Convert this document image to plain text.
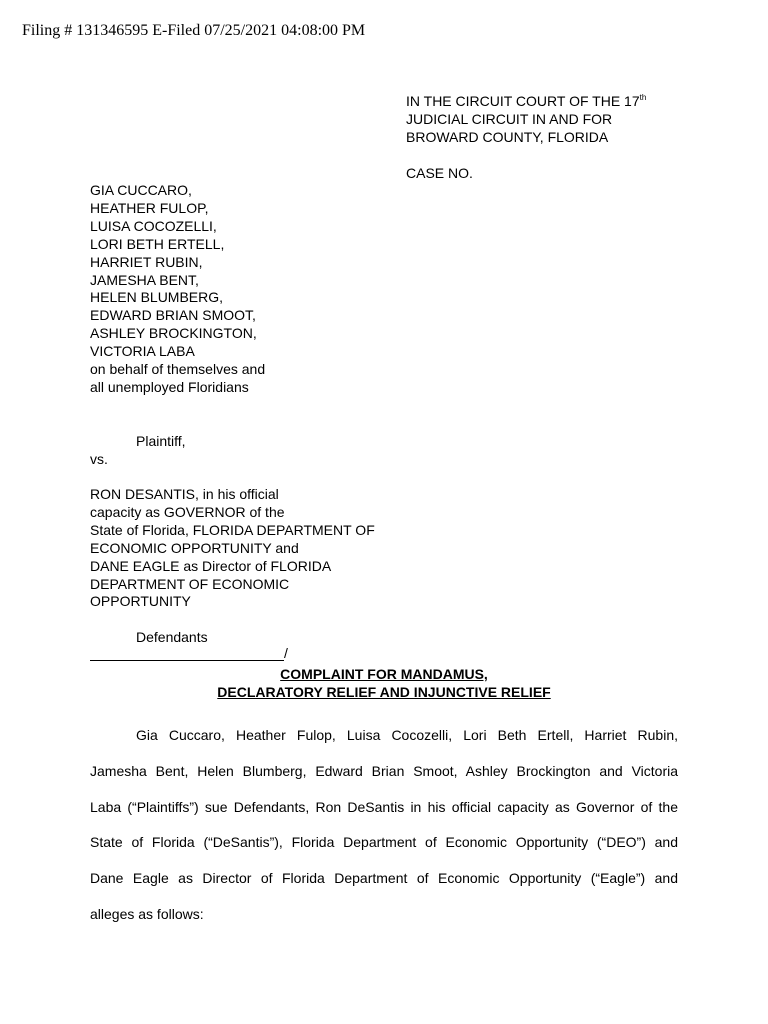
Filing # 131346595 E-Filed 07/25/2021 04:08:00 PM
IN THE CIRCUIT COURT OF THE 17th
JUDICIAL CIRCUIT IN AND FOR
BROWARD COUNTY, FLORIDA
CASE NO.
GIA CUCCARO,
HEATHER FULOP,
LUISA COCOZELLI,
LORI BETH ERTELL,
HARRIET RUBIN,
JAMESHA BENT,
HELEN BLUMBERG,
EDWARD BRIAN SMOOT,
ASHLEY BROCKINGTON,
VICTORIA LABA
on behalf of themselves and
all unemployed Floridians
Plaintiff,
vs.
RON DESANTIS, in his official
capacity as GOVERNOR of the
State of Florida, FLORIDA DEPARTMENT OF
ECONOMIC OPPORTUNITY and
DANE EAGLE as Director of FLORIDA
DEPARTMENT OF ECONOMIC
OPPORTUNITY
Defendants
/
COMPLAINT FOR MANDAMUS,
DECLARATORY RELIEF AND INJUNCTIVE RELIEF
Gia Cuccaro, Heather Fulop, Luisa Cocozelli, Lori Beth Ertell, Harriet Rubin,
Jamesha Bent, Helen Blumberg, Edward Brian Smoot, Ashley Brockington and Victoria
Laba (“Plaintiffs”) sue Defendants, Ron DeSantis in his official capacity as Governor of the
State of Florida (“DeSantis”), Florida Department of Economic Opportunity (“DEO”) and
Dane Eagle as Director of Florida Department of Economic Opportunity (“Eagle”) and
alleges as follows:
